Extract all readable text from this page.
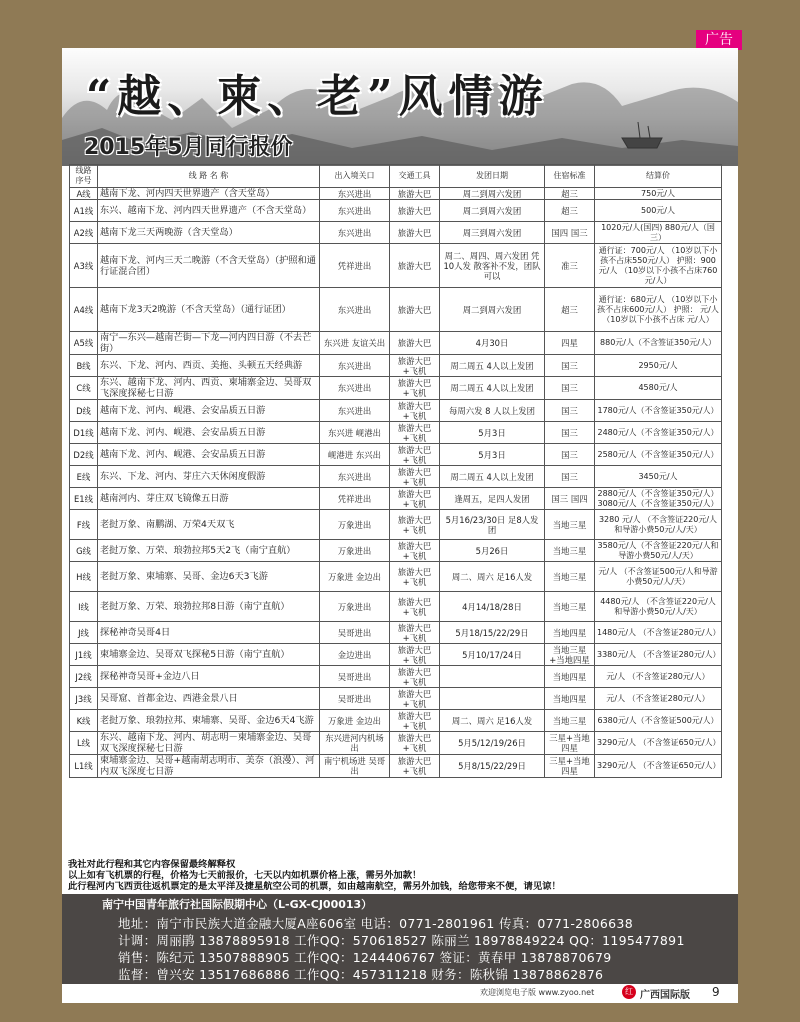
广告
“越、柬、老”风情游
2015年5月同行报价
线路序号	线 路 名 称	出入境关口	交通工具	发团日期	住宿标准	结算价
A线	越南下龙、河内四天世界遗产（含天堂岛）	东兴进出	旅游大巴	周二到周六发团	超三	750元/人
A1线	东兴、越南下龙、河内四天世界遗产（不含天堂岛）	东兴进出	旅游大巴	周二到周六发团	超三	500元/人
A2线	越南下龙三天两晚游（含天堂岛）	东兴进出	旅游大巴	周三到周六发团	国四 国三	1020元/人(国四) 880元/人（国三）
A3线	越南下龙、河内三天二晚游（不含天堂岛）（护照和通行证混合团）	凭祥进出	旅游大巴	周二、周四、周六发团 凭10人发 散客补不发，团队可以	准三	通行证：700元/人 （10岁以下小孩不占床550元/人） 护照：900元/人 （10岁以下小孩不占床760元/人）
A4线	越南下龙3天2晚游（不含天堂岛）（通行证团）	东兴进出	旅游大巴	周二到周六发团	超三	通行证：680元/人 （10岁以下小孩不占床600元/人） 护照： 元/人 （10岁以下小孩不占床 元/人）
A5线	南宁—东兴—越南芒街—下龙—河内四日游（不去芒街）	东兴进 友谊关出	旅游大巴	4月30日	四星	880元/人（不含签证350元/人）
B线	东兴、下龙、河内、西贡、美拖、头顿五天经典游	东兴进出	旅游大巴 +飞机	周二周五 4人以上发团	国三	2950元/人
C线	东兴、越南下龙、河内、西贡、柬埔寨金边、吴哥双飞深度探秘七日游	东兴进出	旅游大巴 +飞机	周二周五 4人以上发团	国三	4580元/人
D线	越南下龙、河内、岘港、会安品质五日游	东兴进出	旅游大巴 +飞机	每周六发 8 人以上发团	国三	1780元/人（不含签证350元/人）
D1线	越南下龙、河内、岘港、会安品质五日游	东兴进 岘港出	旅游大巴 +飞机	5月3日	国三	2480元/人（不含签证350元/人）
D2线	越南下龙、河内、岘港、会安品质五日游	岘港进 东兴出	旅游大巴 +飞机	5月3日	国三	2580元/人（不含签证350元/人）
E线	东兴、下龙、河内、芽庄六天休闲度假游	东兴进出	旅游大巴 +飞机	周二周五 4人以上发团	国三	3450元/人
E1线	越南河内、芽庄双飞镜像五日游	凭祥进出	旅游大巴 +飞机	逢周五，足四人发团	国三 国四	2880元/人（不含签证350元/人） 3080元/人（不含签证350元/人）
F线	老挝万象、南鹏湖、万荣4天双飞	万象进出	旅游大巴 +飞机	5月16/23/30日 足8人发团	当地三星	3280 元/人 （不含签证220元/人和导游小费50元/人/天）
G线	老挝万象、万荣、琅勃拉邦5天2飞（南宁直航）	万象进出	旅游大巴 +飞机	5月26日	当地三星	3580元/人（不含签证220元/人和导游小费50元/人/天）
H线	老挝万象、柬埔寨、吴哥、金边6天3飞游	万象进 金边出	旅游大巴 +飞机	周二、周六 足16人发	当地三星	元/人 （不含签证500元/人和导游小费50元/人/天）
I线	老挝万象、万荣、琅勃拉邦8日游（南宁直航）	万象进出	旅游大巴 +飞机	4月14/18/28日	当地三星	4480元/人 （不含签证220元/人和导游小费50元/人/天）
J线	探秘神奇吴哥4日	吴哥进出	旅游大巴 +飞机	5月18/15/22/29日	当地四星	1480元/人 （不含签证280元/人）
J1线	柬埔寨金边、吴哥双飞探秘5日游（南宁直航）	金边进出	旅游大巴 +飞机	5月10/17/24日	当地三星+当地四星	3380元/人 （不含签证280元/人）
J2线	探秘神奇吴哥+金边八日	吴哥进出	旅游大巴 +飞机		当地四星	元/人 （不含签证280元/人）
J3线	吴哥窟、首都金边、西港金景八日	吴哥进出	旅游大巴 +飞机		当地四星	元/人 （不含签证280元/人）
K线	老挝万象、琅勃拉邦、柬埔寨、吴哥、金边6天4飞游	万象进 金边出	旅游大巴 +飞机	周二、周六 足16人发	当地三星	6380元/人（不含签证500元/人）
L线	东兴、越南下龙、河内、胡志明－柬埔寨金边、吴哥双飞深度探秘七日游	东兴进河内机场出	旅游大巴 +飞机	5月5/12/19/26日	三星+当地四星	3290元/人 （不含签证650元/人）
L1线	柬埔寨金边、吴哥+越南胡志明市、美奈（浪漫）、河内双飞深度七日游	南宁机场进 吴哥出	旅游大巴 +飞机	5月8/15/22/29日	三星+当地四星	3290元/人 （不含签证650元/人）
我社对此行程和其它内容保留最终解释权
以上如有飞机票的行程，价格为七天前报价，七天以内如机票价格上涨，需另外加款！
此行程河内飞西贡往返机票定的是太平洋及捷星航空公司的机票，如由越南航空，需另外加钱，给您带来不便，请见谅！
南宁中国青年旅行社国际假期中心（L-GX-CJ00013）
地址：南宁市民族大道金融大厦A座606室 电话：0771-2801961 传真：0771-2806638
计调：周丽鹃 13878895918 工作QQ：570618527 陈丽兰 18978849224 QQ：1195477891
销售：陈纪元 13507888905 工作QQ：1244406767 签证：黄春甲 13878870679
监督：曾兴安 13517686886 工作QQ：457311218 财务：陈秋锦 13878862876
欢迎浏览电子版 www.zyoo.net	红 广西国际版 9
